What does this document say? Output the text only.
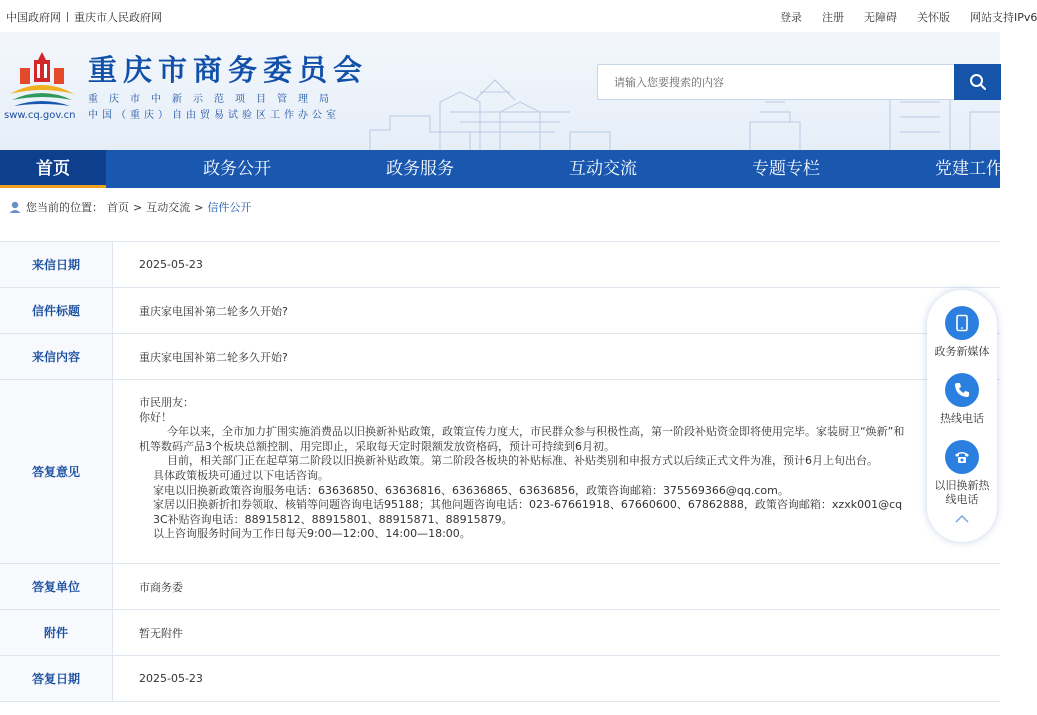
中国政府网 重庆市人民政府网	登录 注册 无障碍 关怀版 网站支持IPv6
sww.cq.gov.cn
重庆市商务委员会
重庆市中新示范项目管理局
中国（重庆）自由贸易试验区工作办公室
请输入您要搜索的内容
首页	政务公开	政务服务	互动交流	专题专栏	党建工作
您当前的位置： 首页 > 互动交流 > 信件公开
来信日期	2025-05-23
信件标题	重庆家电国补第二轮多久开始?
来信内容	重庆家电国补第二轮多久开始?
答复意见

市民朋友：

你好！

今年以来，全市加力扩围实施消费品以旧换新补贴政策，政策宣传力度大，市民群众参与积极性高，第一阶段补贴资金即将使用完毕。家装厨卫“焕新”和

机等数码产品3个板块总额控制、用完即止，采取每天定时限额发放资格码，预计可持续到6月初。

目前，相关部门正在起草第二阶段以旧换新补贴政策。第二阶段各板块的补贴标准、补贴类别和申报方式以后续正式文件为准，预计6月上旬出台。

具体政策板块可通过以下电话咨询。

家电以旧换新政策咨询服务电话：63636850、63636816、63636865、63636856，政策咨询邮箱：375569366@qq.com。

家居以旧换新折扣券领取、核销等问题咨询电话95188；其他问题咨询电话：023-67661918、67660600、67862888，政策咨询邮箱：xzxk001@cq

3C补贴咨询电话：88915812、88915801、88915871、88915879。

以上咨询服务时间为工作日每天9:00—12:00、14:00—18:00。

答复单位	市商务委
附件	暂无附件
答复日期	2025-05-23
政务新媒体
热线电话
以旧换新热
线电话
